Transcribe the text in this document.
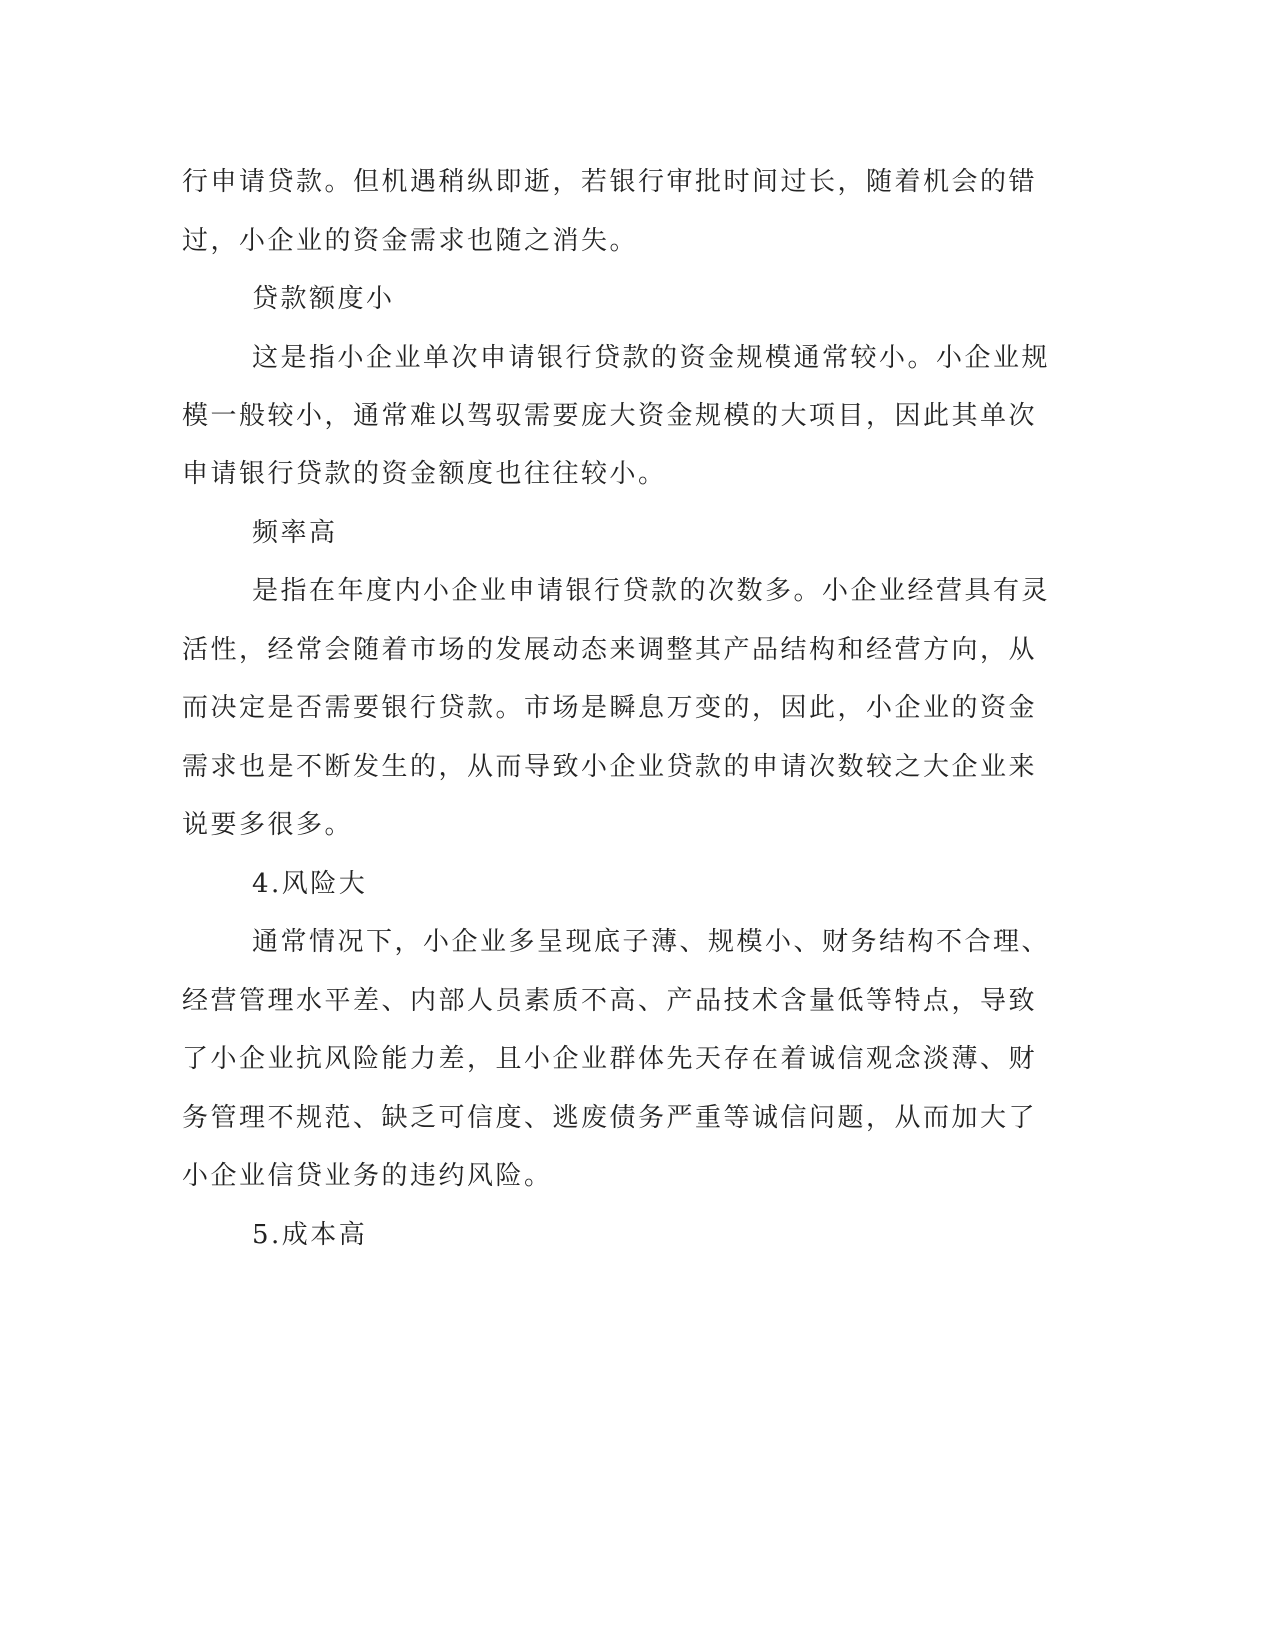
行申请贷款。但机遇稍纵即逝，若银行审批时间过长，随着机会的错
过，小企业的资金需求也随之消失。
贷款额度小
这是指小企业单次申请银行贷款的资金规模通常较小。小企业规
模一般较小，通常难以驾驭需要庞大资金规模的大项目，因此其单次
申请银行贷款的资金额度也往往较小。
频率高
是指在年度内小企业申请银行贷款的次数多。小企业经营具有灵
活性，经常会随着市场的发展动态来调整其产品结构和经营方向，从
而决定是否需要银行贷款。市场是瞬息万变的，因此，小企业的资金
需求也是不断发生的，从而导致小企业贷款的申请次数较之大企业来
说要多很多。
4.风险大
通常情况下，小企业多呈现底子薄、规模小、财务结构不合理、
经营管理水平差、内部人员素质不高、产品技术含量低等特点，导致
了小企业抗风险能力差，且小企业群体先天存在着诚信观念淡薄、财
务管理不规范、缺乏可信度、逃废债务严重等诚信问题，从而加大了
小企业信贷业务的违约风险。
5.成本高
